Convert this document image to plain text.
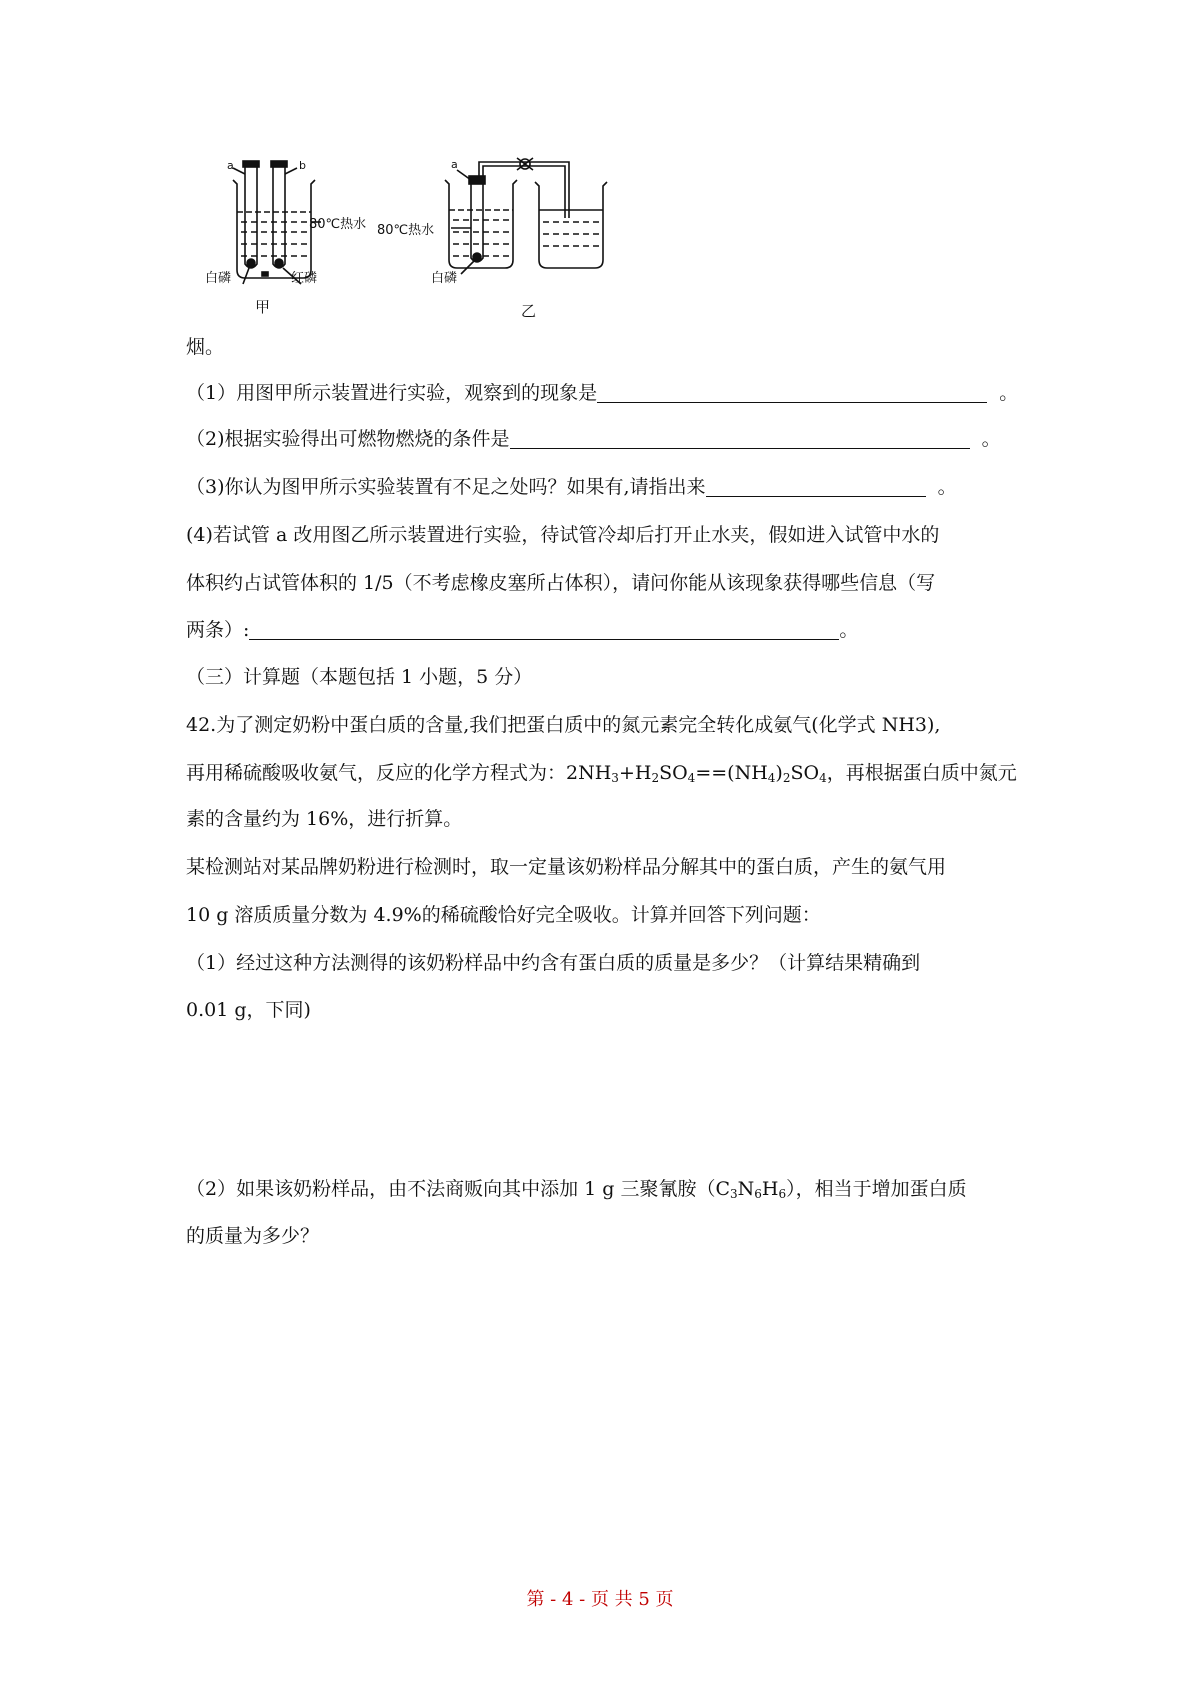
a	b
80℃热水
白磷	红磷
甲
a
80℃热水
白磷
乙
烟。
（1）用图甲所示装置进行实验，观察到的现象是	。
（2)根据实验得出可燃物燃烧的条件是	。
（3)你认为图甲所示实验装置有不足之处吗？如果有,请指出来	。
(4)若试管 a 改用图乙所示装置进行实验，待试管冷却后打开止水夹，假如进入试管中水的
体积约占试管体积的 1/5（不考虑橡皮塞所占体积），请问你能从该现象获得哪些信息（写
两条）:	。
（三）计算题（本题包括 1 小题，5 分）
42.为了测定奶粉中蛋白质的含量,我们把蛋白质中的氮元素完全转化成氨气(化学式 NH3),
再用稀硫酸吸收氨气，反应的化学方程式为：$2NH_3+H_2SO_4==(NH_4)_2SO_4$，再根据蛋白质中氮元
素的含量约为 16%，进行折算。
某检测站对某品牌奶粉进行检测时，取一定量该奶粉样品分解其中的蛋白质，产生的氨气用
10 g 溶质质量分数为 4.9%的稀硫酸恰好完全吸收。计算并回答下列问题：
（1）经过这种方法测得的该奶粉样品中约含有蛋白质的质量是多少？（计算结果精确到
0.01 g，下同)
（2）如果该奶粉样品，由不法商贩向其中添加 1 g 三聚氰胺$(C_3N_6H_6)$，相当于增加蛋白质
的质量为多少？
第 - 4 - 页 共 5 页
